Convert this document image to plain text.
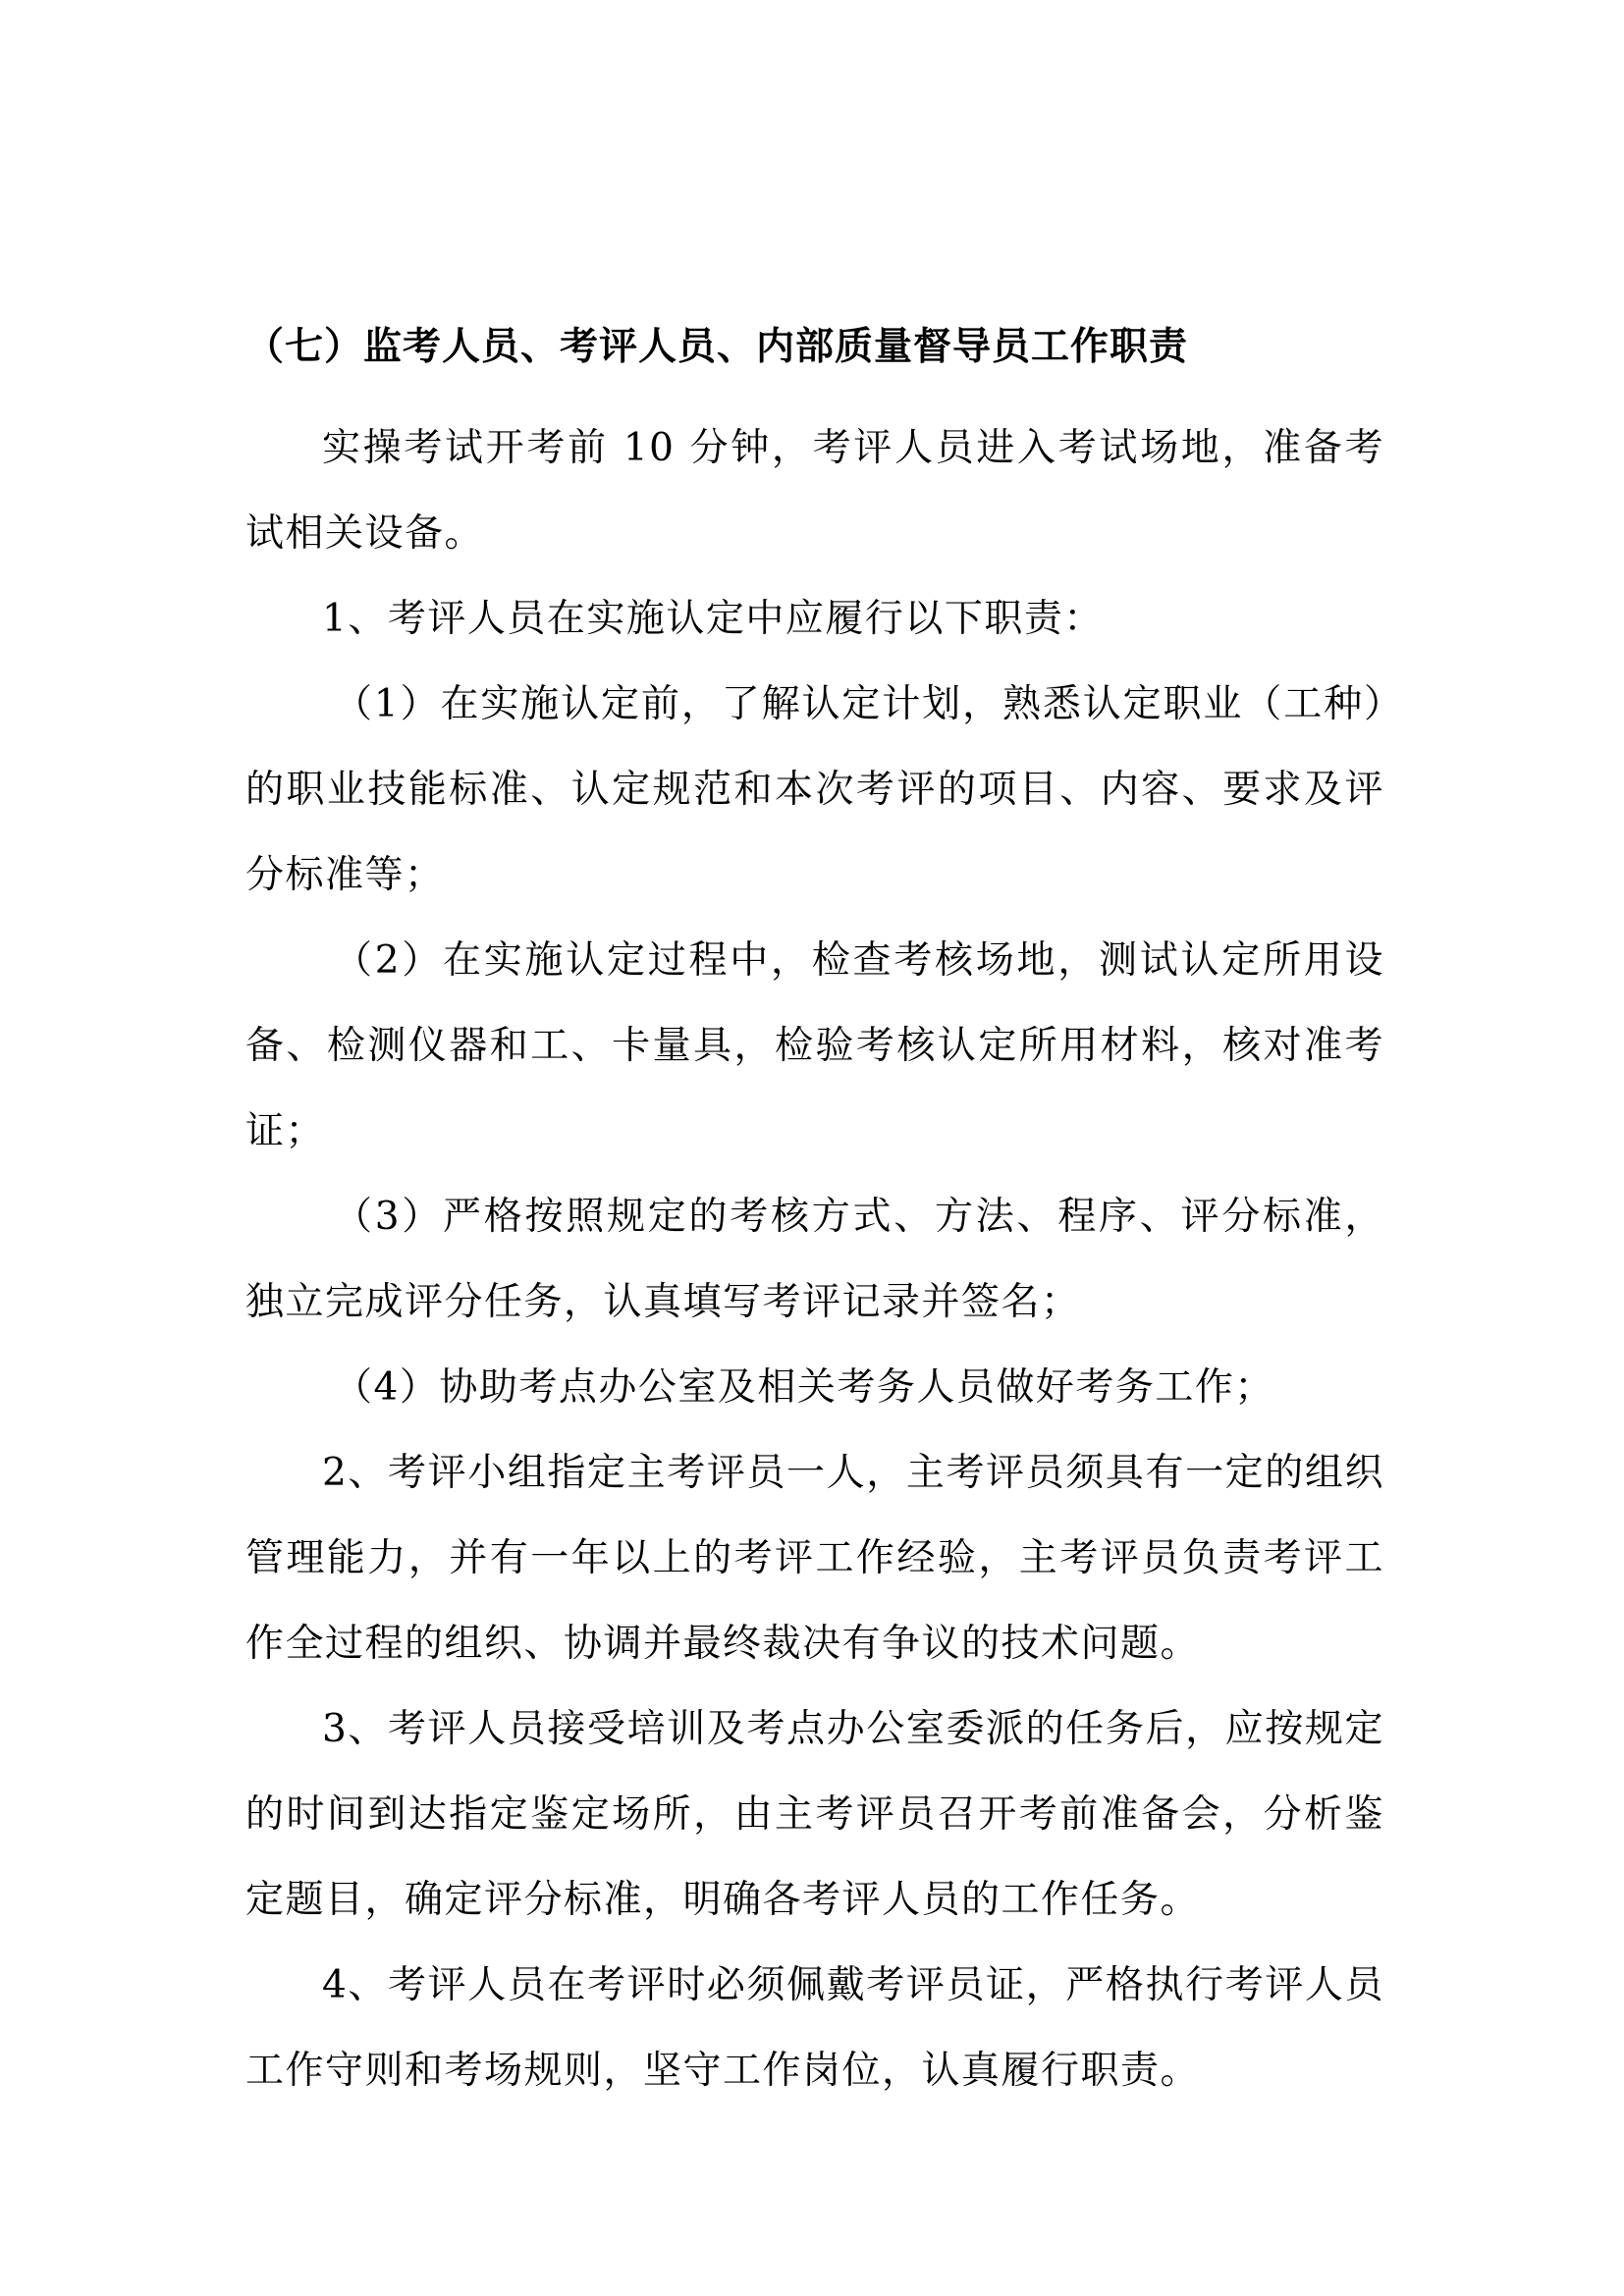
（七）监考人员、考评人员、内部质量督导员工作职责

实操考试开考前 10 分钟，考评人员进入考试场地，准备考试相关设备。

1、考评人员在实施认定中应履行以下职责：

（1）在实施认定前，了解认定计划，熟悉认定职业（工种）的职业技能标准、认定规范和本次考评的项目、内容、要求及评分标准等；

（2）在实施认定过程中，检查考核场地，测试认定所用设备、检测仪器和工、卡量具，检验考核认定所用材料，核对准考证；

（3）严格按照规定的考核方式、方法、程序、评分标准，独立完成评分任务，认真填写考评记录并签名；

（4）协助考点办公室及相关考务人员做好考务工作；

2、考评小组指定主考评员一人，主考评员须具有一定的组织管理能力，并有一年以上的考评工作经验，主考评员负责考评工作全过程的组织、协调并最终裁决有争议的技术问题。

3、考评人员接受培训及考点办公室委派的任务后，应按规定的时间到达指定鉴定场所，由主考评员召开考前准备会，分析鉴定题目，确定评分标准，明确各考评人员的工作任务。

4、考评人员在考评时必须佩戴考评员证，严格执行考评人员工作守则和考场规则，坚守工作岗位，认真履行职责。
